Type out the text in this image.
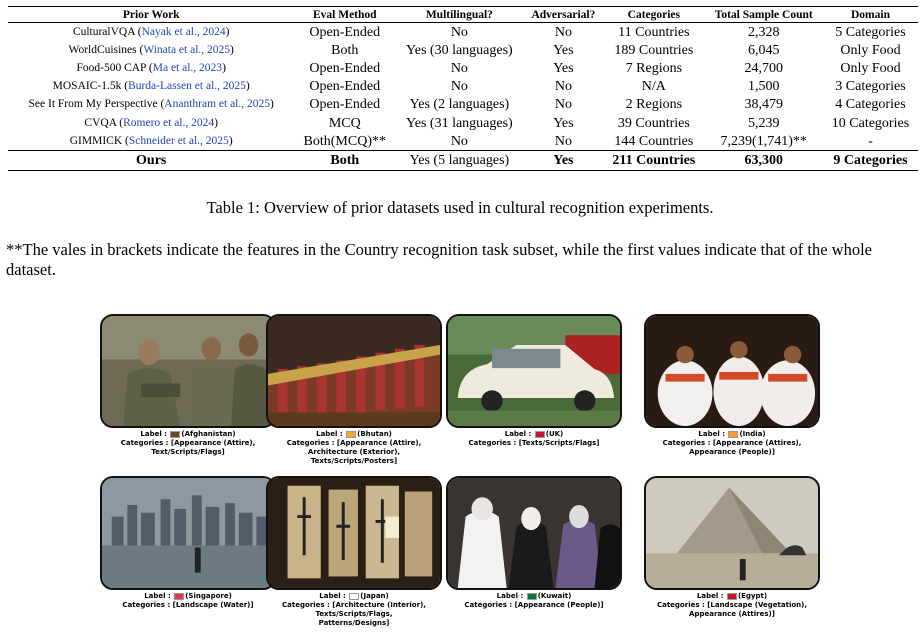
Prior Work	Eval Method	Multilingual?	Adversarial?	Categories	Total Sample Count	Domain
CulturalVQA (Nayak et al., 2024)	Open-Ended	No	No	11 Countries	2,328	5 Categories
WorldCuisines (Winata et al., 2025)	Both	Yes (30 languages)	Yes	189 Countries	6,045	Only Food
Food-500 CAP (Ma et al., 2023)	Open-Ended	No	Yes	7 Regions	24,700	Only Food
MOSAIC-1.5k (Burda-Lassen et al., 2025)	Open-Ended	No	No	N/A	1,500	3 Categories
See It From My Perspective (Ananthram et al., 2025)	Open-Ended	Yes (2 languages)	No	2 Regions	38,479	4 Categories
CVQA (Romero et al., 2024)	MCQ	Yes (31 languages)	Yes	39 Countries	5,239	10 Categories
GIMMICK (Schneider et al., 2025)	Both(MCQ)**	No	No	144 Countries	7,239(1,741)**	-
Ours	Both	Yes (5 languages)	Yes	211 Countries	63,300	9 Categories
Table 1: Overview of prior datasets used in cultural recognition experiments.
**The vales in brackets indicate the features in the Country recognition task subset, while the first values indicate that of the whole dataset.
Label : (Afghanistan)
Categories : [Appearance (Attire),
Text/Scripts/Flags]
Label : (Bhutan)
Categories : [Appearance (Attire),
Architecture (Exterior),
Texts/Scripts/Posters]
Label : (UK)
Categories : [Texts/Scripts/Flags]
Label : (India)
Categories : [Appearance (Attires),
Appearance (People)]
Label : (Singapore)
Categories : [Landscape (Water)]
Label : (Japan)
Categories : [Architecture (Interior),
Texts/Scripts/Flags,
Patterns/Designs]
Label : (Kuwait)
Categories : [Appearance (People)]
Label : (Egypt)
Categories : [Landscape (Vegetation),
Appearance (Attires)]
